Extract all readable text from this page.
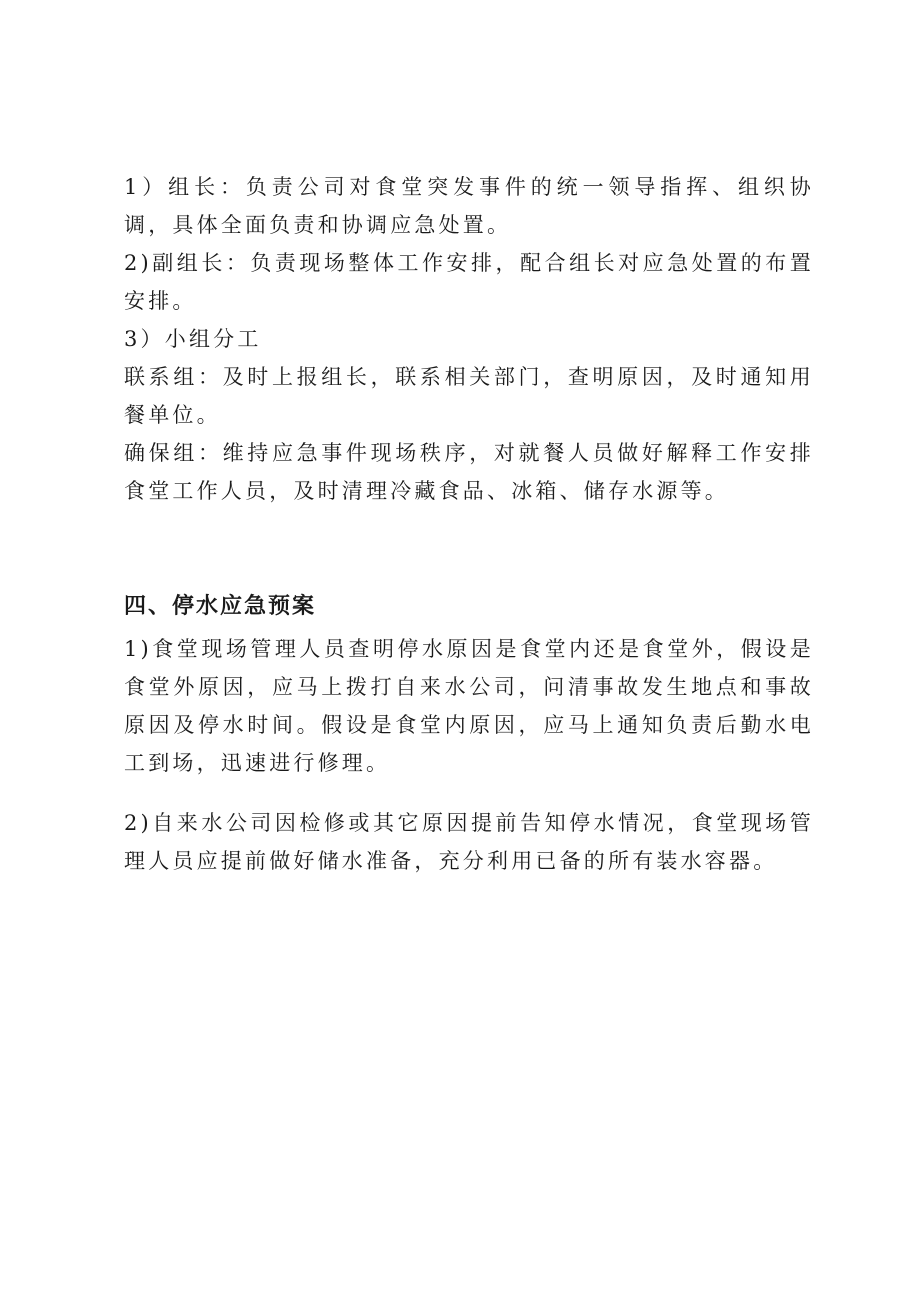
1）组长：负责公司对食堂突发事件的统一领导指挥、组织协调，具体全面负责和协调应急处置。

2)副组长：负责现场整体工作安排，配合组长对应急处置的布置安排。

3）小组分工

联系组：及时上报组长，联系相关部门，查明原因，及时通知用餐单位。

确保组：维持应急事件现场秩序，对就餐人员做好解释工作安排食堂工作人员，及时清理冷藏食品、冰箱、储存水源等。

四、停水应急预案

1)食堂现场管理人员查明停水原因是食堂内还是食堂外，假设是食堂外原因，应马上拨打自来水公司，问清事故发生地点和事故原因及停水时间。假设是食堂内原因，应马上通知负责后勤水电工到场，迅速进行修理。

2)自来水公司因检修或其它原因提前告知停水情况，食堂现场管理人员应提前做好储水准备，充分利用已备的所有装水容器。
